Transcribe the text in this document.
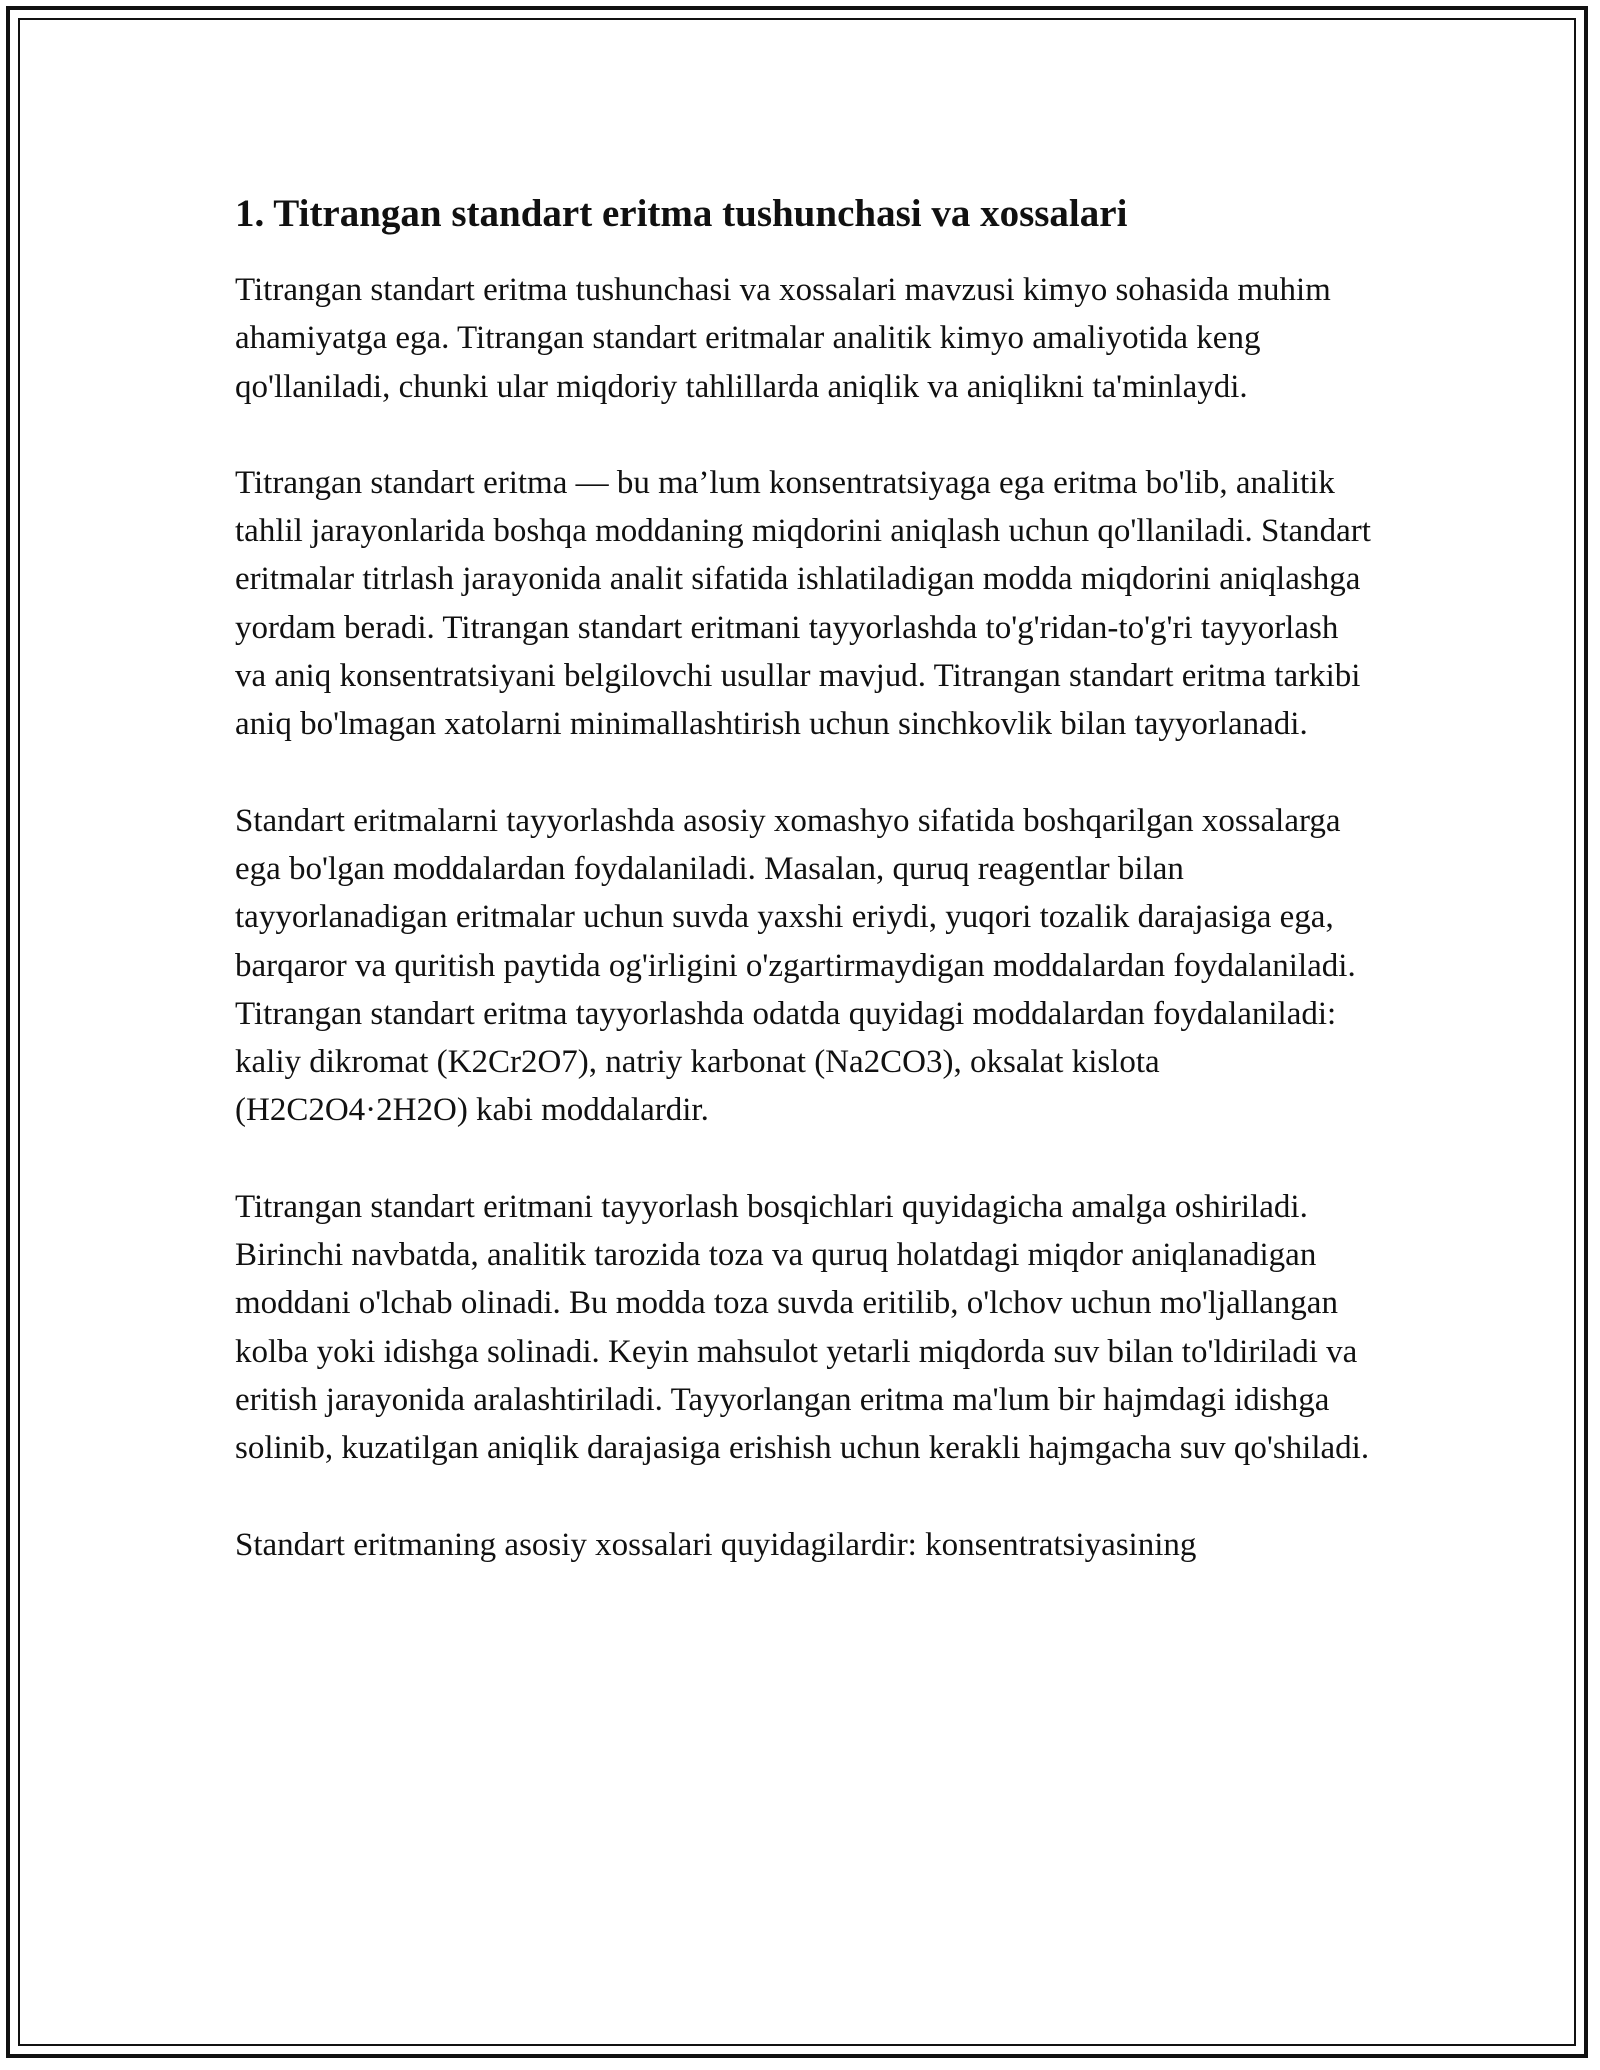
1. Titrangan standart eritma tushunchasi va xossalari

Titrangan standart eritma tushunchasi va xossalari mavzusi kimyo sohasida muhim ahamiyatga ega. Titrangan standart eritmalar analitik kimyo amaliyotida keng qo'llaniladi, chunki ular miqdoriy tahlillarda aniqlik va aniqlikni ta'minlaydi.

Titrangan standart eritma — bu ma’lum konsentratsiyaga ega eritma bo'lib, analitik tahlil jarayonlarida boshqa moddaning miqdorini aniqlash uchun qo'llaniladi. Standart eritmalar titrlash jarayonida analit sifatida ishlatiladigan modda miqdorini aniqlashga yordam beradi. Titrangan standart eritmani tayyorlashda to'g'ridan-to'g'ri tayyorlash va aniq konsentratsiyani belgilovchi usullar mavjud. Titrangan standart eritma tarkibi aniq bo'lmagan xatolarni minimallashtirish uchun sinchkovlik bilan tayyorlanadi.

Standart eritmalarni tayyorlashda asosiy xomashyo sifatida boshqarilgan xossalarga ega bo'lgan moddalardan foydalaniladi. Masalan, quruq reagentlar bilan tayyorlanadigan eritmalar uchun suvda yaxshi eriydi, yuqori tozalik darajasiga ega, barqaror va quritish paytida og'irligini o'zgartirmaydigan moddalardan foydalaniladi. Titrangan standart eritma tayyorlashda odatda quyidagi moddalardan foydalaniladi: kaliy dikromat (K2Cr2O7), natriy karbonat (Na2CO3), oksalat kislota (H2C2O4·2H2O) kabi moddalardir.

Titrangan standart eritmani tayyorlash bosqichlari quyidagicha amalga oshiriladi. Birinchi navbatda, analitik tarozida toza va quruq holatdagi miqdor aniqlanadigan moddani o'lchab olinadi. Bu modda toza suvda eritilib, o'lchov uchun mo'ljallangan kolba yoki idishga solinadi. Keyin mahsulot yetarli miqdorda suv bilan to'ldiriladi va eritish jarayonida aralashtiriladi. Tayyorlangan eritma ma'lum bir hajmdagi idishga solinib, kuzatilgan aniqlik darajasiga erishish uchun kerakli hajmgacha suv qo'shiladi.

Standart eritmaning asosiy xossalari quyidagilardir: konsentratsiyasining
